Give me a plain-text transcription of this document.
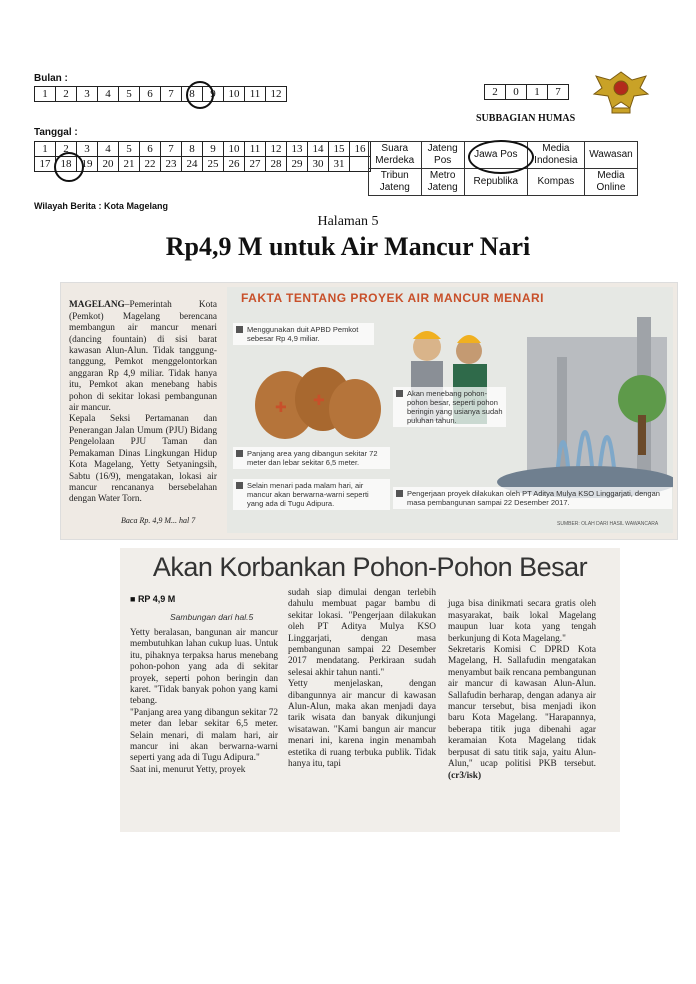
Bulan :
1	2	3	4	5	6	7	8	9	10	11	12	2	0	1	7
SUBBAGIAN HUMAS
Tanggal :
1	2	3	4	5	6	7	8	9	10	11	12	13	14	15	16
17	18	19	20	21	22	23	24	25	26	27	28	29	30	31	
Suara Merdeka	Jateng Pos	Jawa Pos	Media Indonesia	Wawasan
Tribun Jateng	Metro Jateng	Republika	Kompas	Media Online
Wilayah Berita : Kota Magelang
Halaman 5
Rp4,9 M untuk Air Mancur Nari

MAGELANG–Pemerintah Kota (Pemkot) Magelang berencana membangun air mancur menari (dancing fountain) di sisi barat kawasan Alun-Alun. Tidak tanggung-tanggung, Pemkot menggelontorkan anggaran Rp 4,9 miliar. Tidak hanya itu, Pemkot akan menebang habis pohon di sekitar lokasi pembangunan air mancur.
Kepala Seksi Pertamanan dan Penerangan Jalan Umum (PJU) Bidang Pengelolaan PJU Taman dan Pemakaman Dinas Lingkungan Hidup Kota Magelang, Yetty Setyaningsih, Sabtu (16/9), mengatakan, lokasi air mancur rencananya bersebelahan dengan Water Torn.

Baca Rp. 4,9 M... hal 7
FAKTA TENTANG PROYEK AIR MANCUR MENARI
✚ ✚
Menggunakan duit APBD Pemkot sebesar Rp 4,9 miliar.
Panjang area yang dibangun sekitar 72 meter dan lebar sekitar 6,5 meter.
Selain menari pada malam hari, air mancur akan berwarna-warni seperti yang ada di Tugu Adipura.
Akan menebang pohon-pohon besar, seperti pohon beringin yang usianya sudah puluhan tahun.
Pengerjaan proyek dilakukan oleh PT Aditya Mulya KSO Linggarjati, dengan masa pembangunan sampai 22 Desember 2017.
SUMBER: OLAH DARI HASIL WAWANCARA
Akan Korbankan Pohon-Pohon Besar
■ RP 4,9 M
Sambungan dari hal.5
Yetty beralasan, bangunan air mancur membutuhkan lahan cukup luas. Untuk itu, pihaknya terpaksa harus menebang pohon-pohon yang ada di sekitar proyek, seperti pohon beringin dan karet. "Tidak banyak pohon yang kami tebang.
"Panjang area yang dibangun sekitar 72 meter dan lebar sekitar 6,5 meter. Selain menari, di malam hari, air mancur ini akan berwarna-warni seperti yang ada di Tugu Adipura."
Saat ini, menurut Yetty, proyek
sudah siap dimulai dengan terlebih dahulu membuat pagar bambu di sekitar lokasi. "Pengerjaan dilakukan oleh PT Aditya Mulya KSO Linggarjati, dengan masa pembangunan sampai 22 Desember 2017 mendatang. Perkiraan sudah selesai akhir tahun nanti."
Yetty menjelaskan, dengan dibangunnya air mancur di kawasan Alun-Alun, maka akan menjadi daya tarik wisata dan banyak dikunjungi wisatawan. "Kami bangun air mancur menari ini, karena ingin menambah estetika di ruang terbuka publik. Tidak hanya itu, tapi

juga bisa dinikmati secara gratis oleh masyarakat, baik lokal Magelang maupun luar kota yang tengah berkunjung di Kota Magelang."
Sekretaris Komisi C DPRD Kota Magelang, H. Sallafudin mengatakan menyambut baik rencana pembangunan air mancur di kawasan Alun-Alun. Sallafudin berharap, dengan adanya air mancur tersebut, bisa menjadi ikon baru Kota Magelang. "Harapannya, beberapa titik juga dibenahi agar keramaian Kota Magelang tidak berpusat di satu titik saja, yaitu Alun-Alun," ucap politisi PKB tersebut. (cr3/isk)
